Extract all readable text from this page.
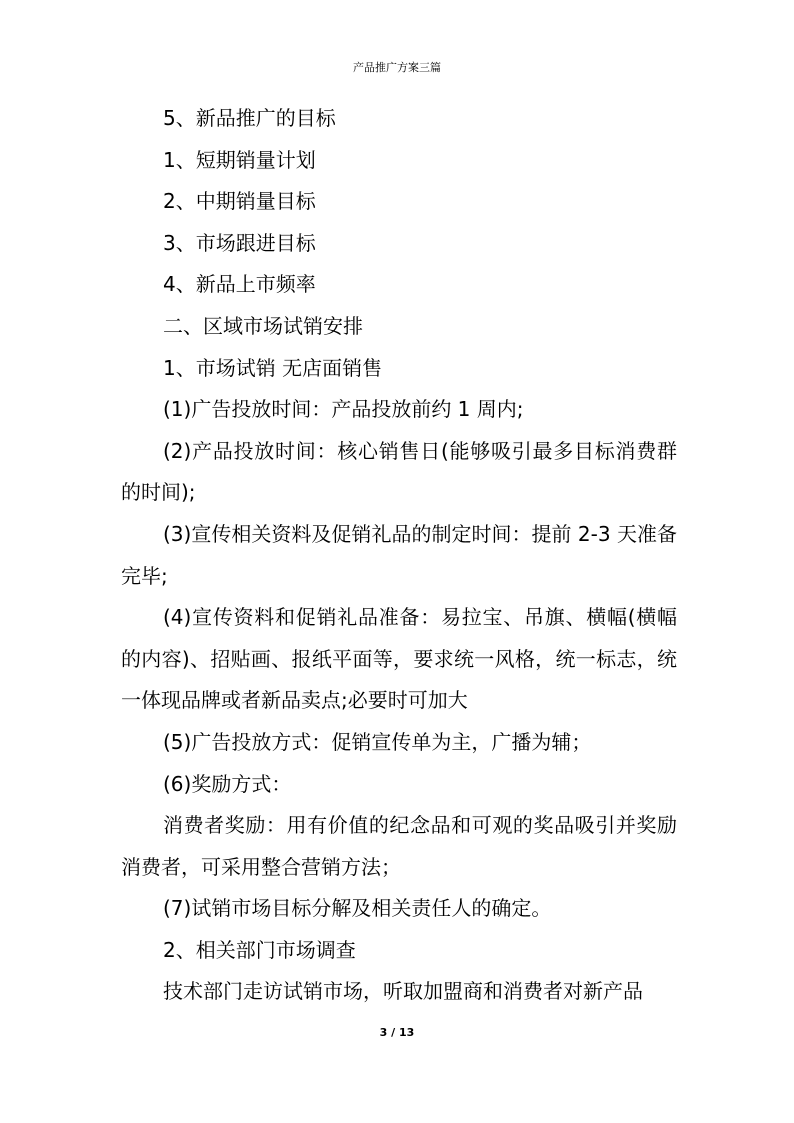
产品推广方案三篇

5、新品推广的目标

1、短期销量计划

2、中期销量目标

3、市场跟进目标

4、新品上市频率

二、区域市场试销安排

1、市场试销 无店面销售

(1)广告投放时间：产品投放前约 1 周内;

(2)产品投放时间：核心销售日(能够吸引最多目标消费群的时间);

(3)宣传相关资料及促销礼品的制定时间：提前 2-3 天准备完毕;

(4)宣传资料和促销礼品准备：易拉宝、吊旗、横幅(横幅的内容)、招贴画、报纸平面等，要求统一风格，统一标志，统一体现品牌或者新品卖点;必要时可加大

(5)广告投放方式：促销宣传单为主，广播为辅；

(6)奖励方式：

消费者奖励：用有价值的纪念品和可观的奖品吸引并奖励消费者，可采用整合营销方法；

(7)试销市场目标分解及相关责任人的确定。

2、相关部门市场调查

技术部门走访试销市场，听取加盟商和消费者对新产品

3 / 13
